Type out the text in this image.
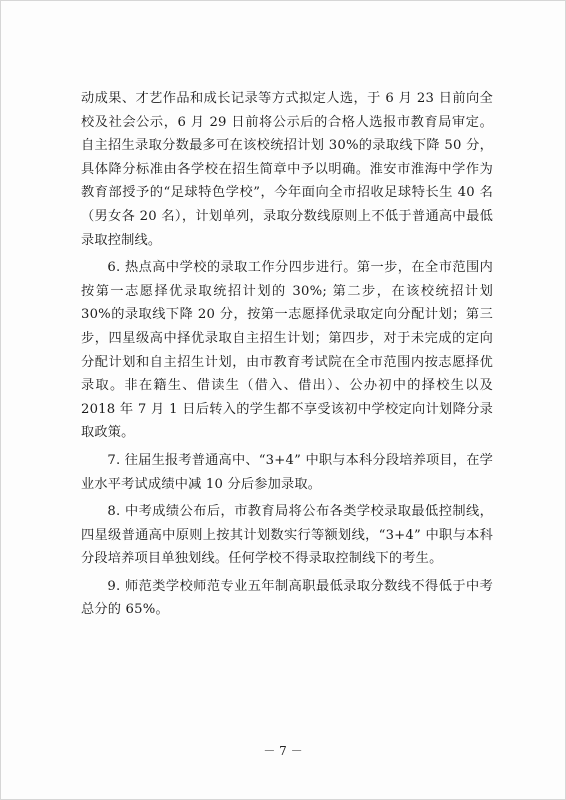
动成果、才艺作品和成长记录等方式拟定人选，于 6 月 23 日前向全校及社会公示，6 月 29 日前将公示后的合格人选报市教育局审定。自主招生录取分数最多可在该校统招计划 30%的录取线下降 50 分，具体降分标准由各学校在招生简章中予以明确。淮安市淮海中学作为教育部授予的“足球特色学校”，今年面向全市招收足球特长生 40 名（男女各 20 名），计划单列，录取分数线原则上不低于普通高中最低录取控制线。

6. 热点高中学校的录取工作分四步进行。第一步，在全市范围内按第一志愿择优录取统招计划的 30%; 第二步，在该校统招计划 30%的录取线下降 20 分，按第一志愿择优录取定向分配计划；第三步，四星级高中择优录取自主招生计划；第四步，对于未完成的定向分配计划和自主招生计划，由市教育考试院在全市范围内按志愿择优录取。非在籍生、借读生（借入、借出）、公办初中的择校生以及 2018 年 7 月 1 日后转入的学生都不享受该初中学校定向计划降分录取政策。

7. 往届生报考普通高中、“3+4” 中职与本科分段培养项目，在学业水平考试成绩中减 10 分后参加录取。

8. 中考成绩公布后，市教育局将公布各类学校录取最低控制线，四星级普通高中原则上按其计划数实行等额划线，“3+4” 中职与本科分段培养项目单独划线。任何学校不得录取控制线下的考生。

9. 师范类学校师范专业五年制高职最低录取分数线不得低于中考总分的 65%。

－ 7 －
